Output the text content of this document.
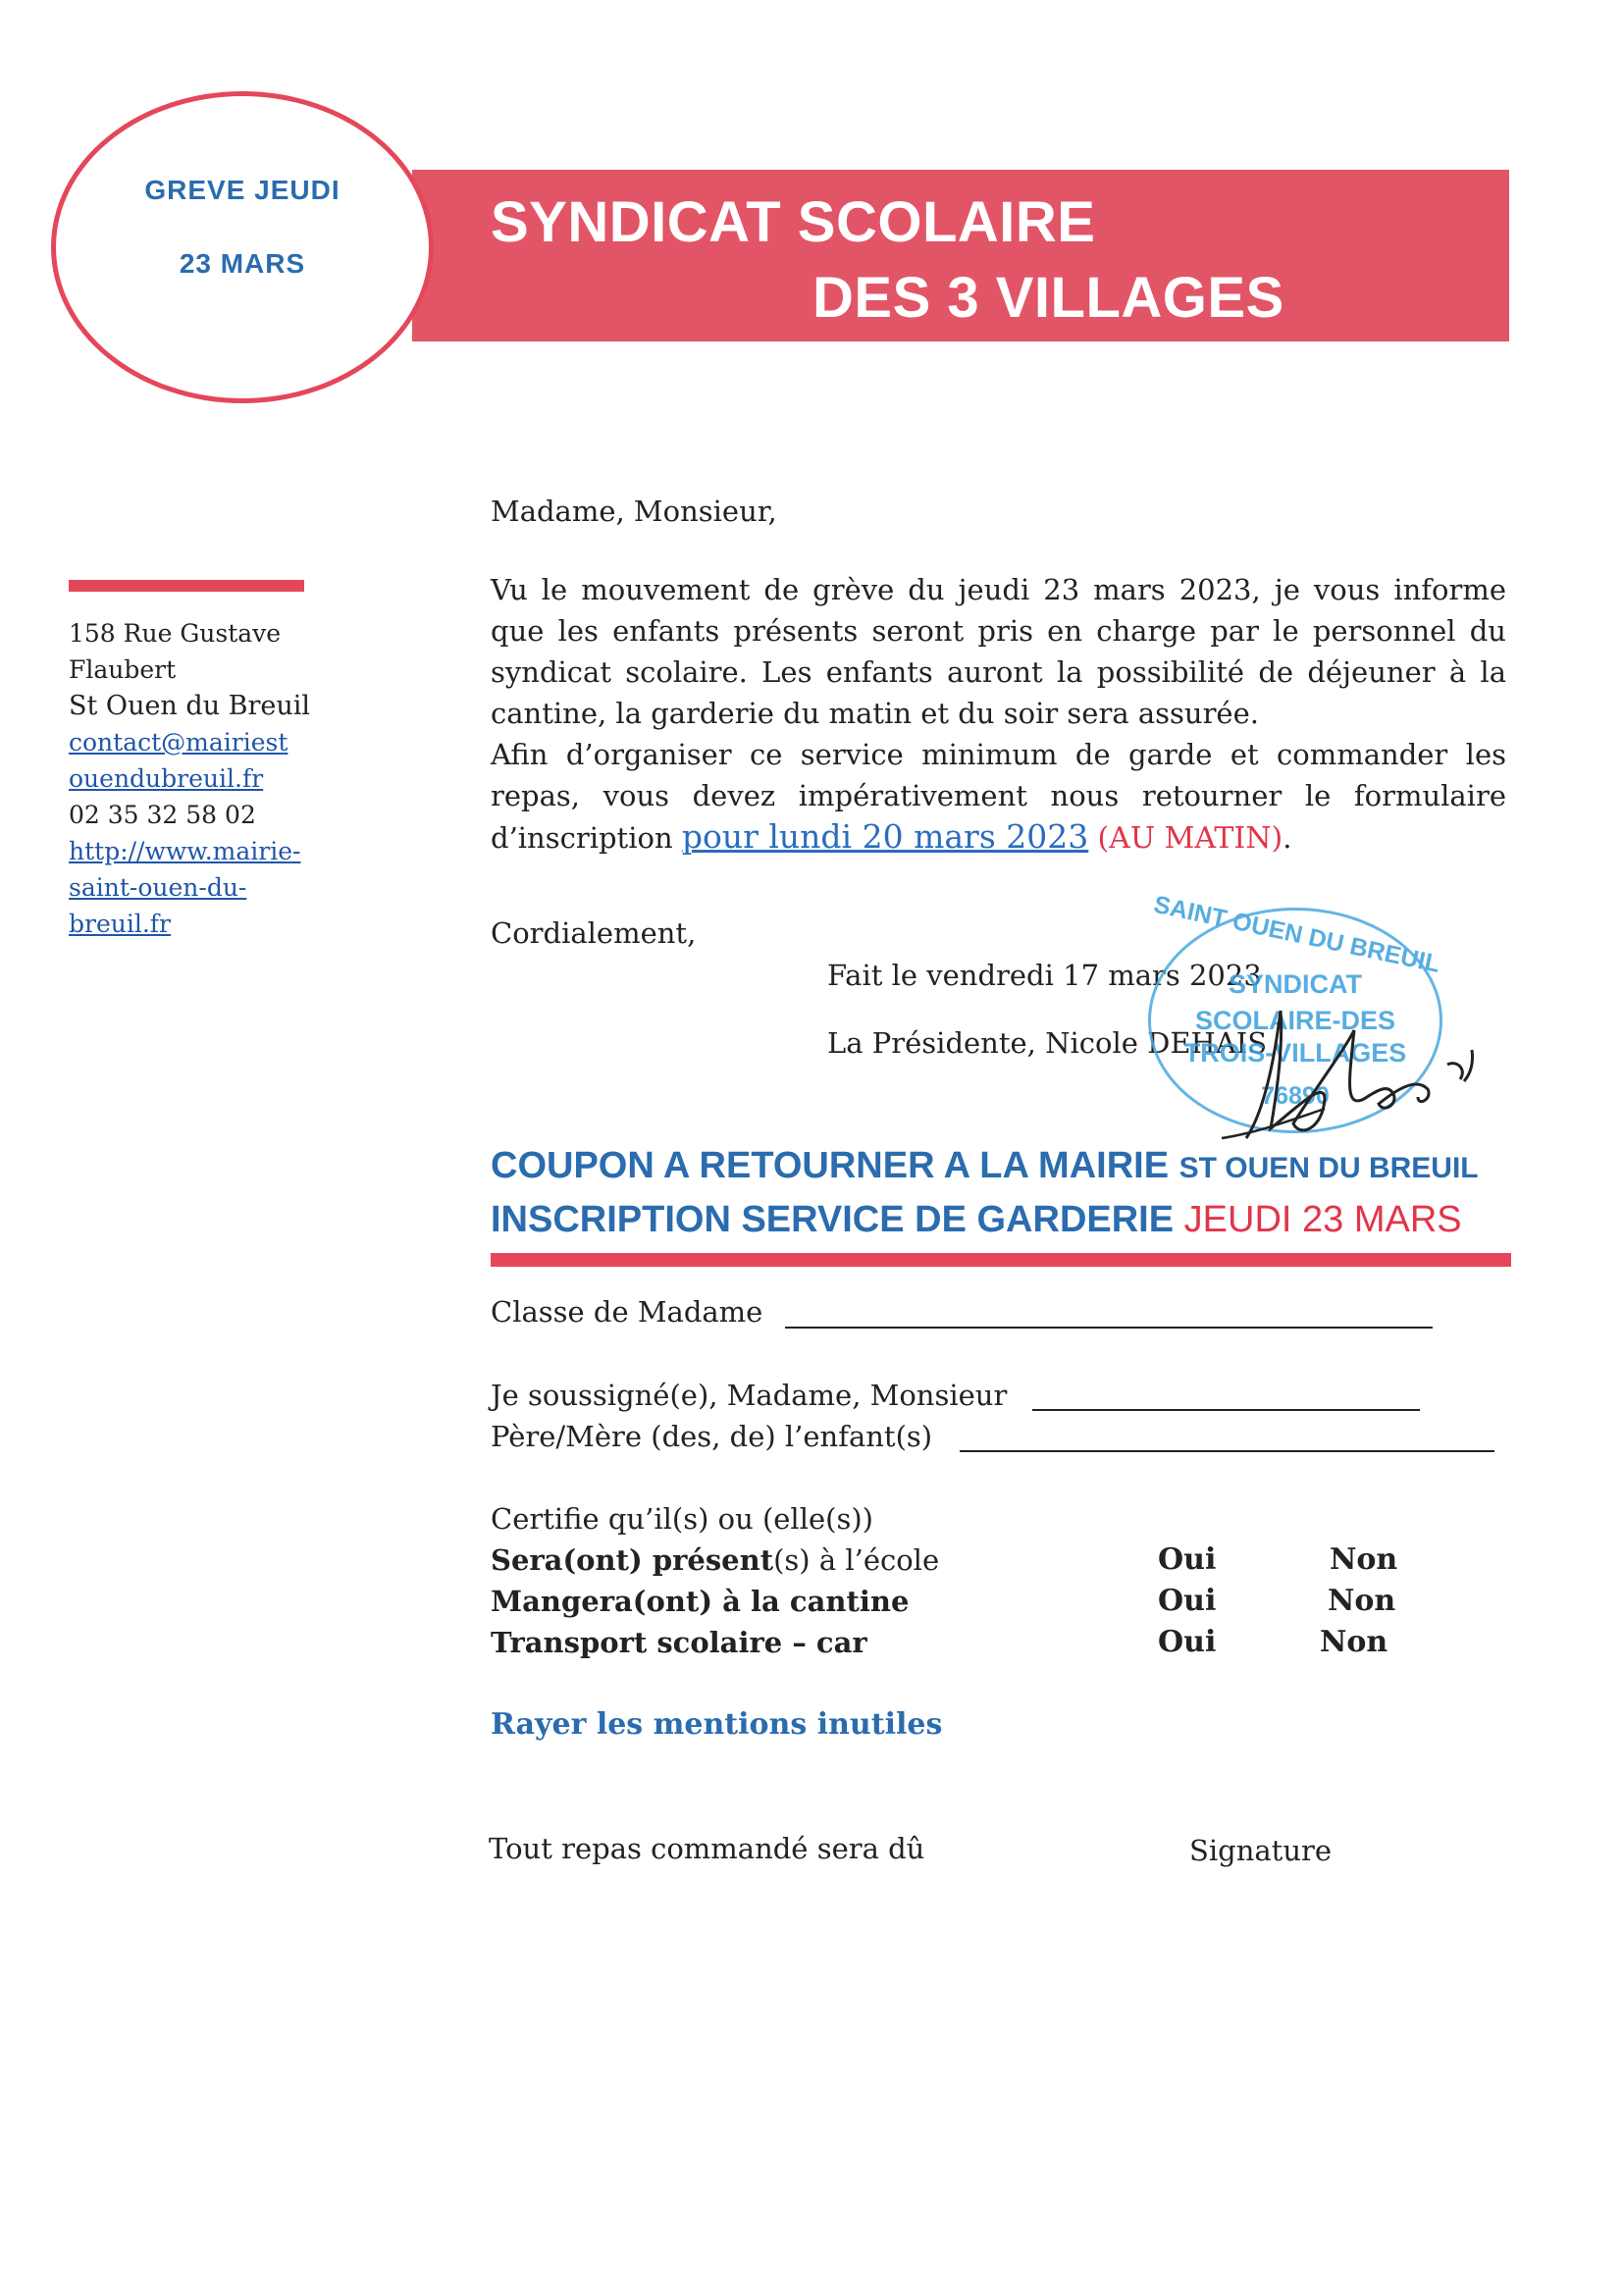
SYNDICAT SCOLAIRE
DES 3 VILLAGES
GREVE JEUDI
23 MARS
158 Rue Gustave
Flaubert
St Ouen du Breuil
contact@mairiest
ouendubreuil.fr
02 35 32 58 02
http://www.mairie-
saint-ouen-du-
breuil.fr
Madame, Monsieur,
Vu le mouvement de grève du jeudi 23 mars 2023, je vous informe
que les enfants présents seront pris en charge par le personnel du
syndicat scolaire. Les enfants auront la possibilité de déjeuner à la
cantine, la garderie du matin et du soir sera assurée.
Afin d’organiser ce service minimum de garde et commander les
repas, vous devez impérativement nous retourner le formulaire
d’inscription pour lundi 20 mars 2023 (AU MATIN).
Cordialement,
Fait le vendredi 17 mars 2023
La Présidente, Nicole DEHAIS
SAINT OUEN DU BREUIL
SYNDICAT
SCOLAIRE-DES
TROIS-VILLAGES
76890
COUPON A RETOURNER A LA MAIRIE ST OUEN DU BREUIL
INSCRIPTION SERVICE DE GARDERIE JEUDI 23 MARS
Classe de Madame
Je soussigné(e), Madame, Monsieur
Père/Mère (des, de) l’enfant(s)
Certifie qu’il(s) ou (elle(s))
Sera(ont) présent(s) à l’école	Oui	Non
Mangera(ont) à la cantine	Oui	Non
Transport scolaire – car	Oui	Non
Rayer les mentions inutiles
Tout repas commandé sera dû	Signature
